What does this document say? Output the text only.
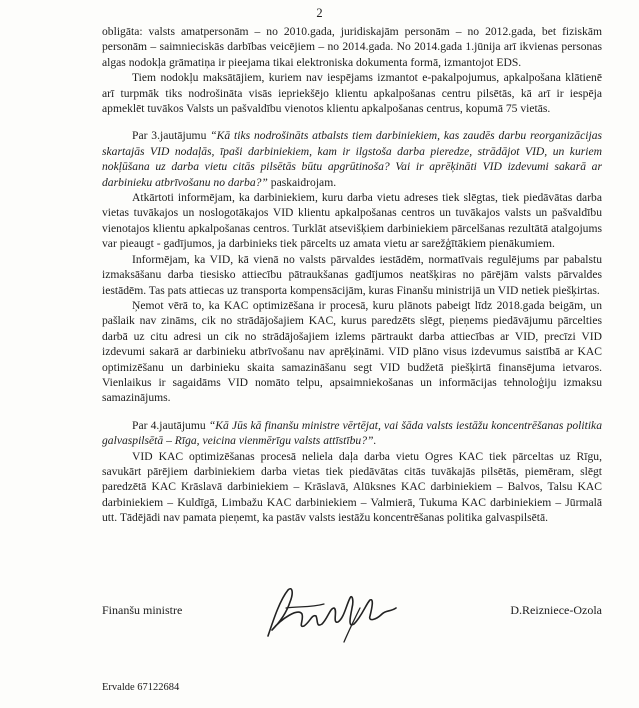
2

obligāta: valsts amatpersonām – no 2010.gada, juridiskajām personām – no 2012.gada, bet fiziskām personām – saimnieciskās darbības veicējiem – no 2014.gada. No 2014.gada 1.jūnija arī ikvienas personas algas nodokļa grāmatiņa ir pieejama tikai elektroniska dokumenta formā, izmantojot EDS.

Tiem nodokļu maksātājiem, kuriem nav iespējams izmantot e-pakalpojumus, apkalpošana klātienē arī turpmāk tiks nodrošināta visās iepriekšējo klientu apkalpošanas centru pilsētās, kā arī ir iespēja apmeklēt tuvākos Valsts un pašvaldību vienotos klientu apkalpošanas centrus, kopumā 75 vietās.

Par 3.jautājumu “Kā tiks nodrošināts atbalsts tiem darbiniekiem, kas zaudēs darbu reorganizācijas skartajās VID nodaļās, īpaši darbiniekiem, kam ir ilgstoša darba pieredze, strādājot VID, un kuriem nokļūšana uz darba vietu citās pilsētās būtu apgrūtinoša? Vai ir aprēķināti VID izdevumi sakarā ar darbinieku atbrīvošanu no darba?” paskaidrojam.

Atkārtoti informējam, ka darbiniekiem, kuru darba vietu adreses tiek slēgtas, tiek piedāvātas darba vietas tuvākajos un noslogotākajos VID klientu apkalpošanas centros un tuvākajos valsts un pašvaldību vienotajos klientu apkalpošanas centros. Turklāt atsevišķiem darbiniekiem pārcelšanas rezultātā atalgojums var pieaugt - gadījumos, ja darbinieks tiek pārcelts uz amata vietu ar sarežģītākiem pienākumiem.

Informējam, ka VID, kā vienā no valsts pārvaldes iestādēm, normatīvais regulējums par pabalstu izmaksāšanu darba tiesisko attiecību pātraukšanas gadījumos neatšķiras no pārējām valsts pārvaldes iestādēm. Tas pats attiecas uz transporta kompensācijām, kuras Finanšu ministrijā un VID netiek piešķirtas.

Ņemot vērā to, ka KAC optimizēšana ir procesā, kuru plānots pabeigt līdz 2018.gada beigām, un pašlaik nav zināms, cik no strādājošajiem KAC, kurus paredzēts slēgt, pieņems piedāvājumu pārcelties darbā uz citu adresi un cik no strādājošajiem izlems pārtraukt darba attiecības ar VID, precīzi VID izdevumi sakarā ar darbinieku atbrīvošanu nav aprēķināmi. VID plāno visus izdevumus saistībā ar KAC optimizēšanu un darbinieku skaita samazināšanu segt VID budžetā piešķirtā finansējuma ietvaros. Vienlaikus ir sagaidāms VID nomāto telpu, apsaimniekošanas un informācijas tehnoloģiju izmaksu samazinājums.

Par 4.jautājumu “Kā Jūs kā finanšu ministre vērtējat, vai šāda valsts iestāžu koncentrēšanas politika galvaspilsētā – Rīga, veicina vienmērīgu valsts attīstību?”.

VID KAC optimizēšanas procesā neliela daļa darba vietu Ogres KAC tiek pārceltas uz Rīgu, savukārt pārējiem darbiniekiem darba vietas tiek piedāvātas citās tuvākajās pilsētās, piemēram, slēgt paredzētā KAC Krāslavā darbiniekiem – Krāslavā, Alūksnes KAC darbiniekiem – Balvos, Talsu KAC darbiniekiem – Kuldīgā, Limbažu KAC darbiniekiem – Valmierā, Tukuma KAC darbiniekiem – Jūrmalā utt. Tādējādi nav pamata pieņemt, ka pastāv valsts iestāžu koncentrēšanas politika galvaspilsētā.

Finanšu ministre	D.Reizniece-Ozola
Ervalde 67122684
